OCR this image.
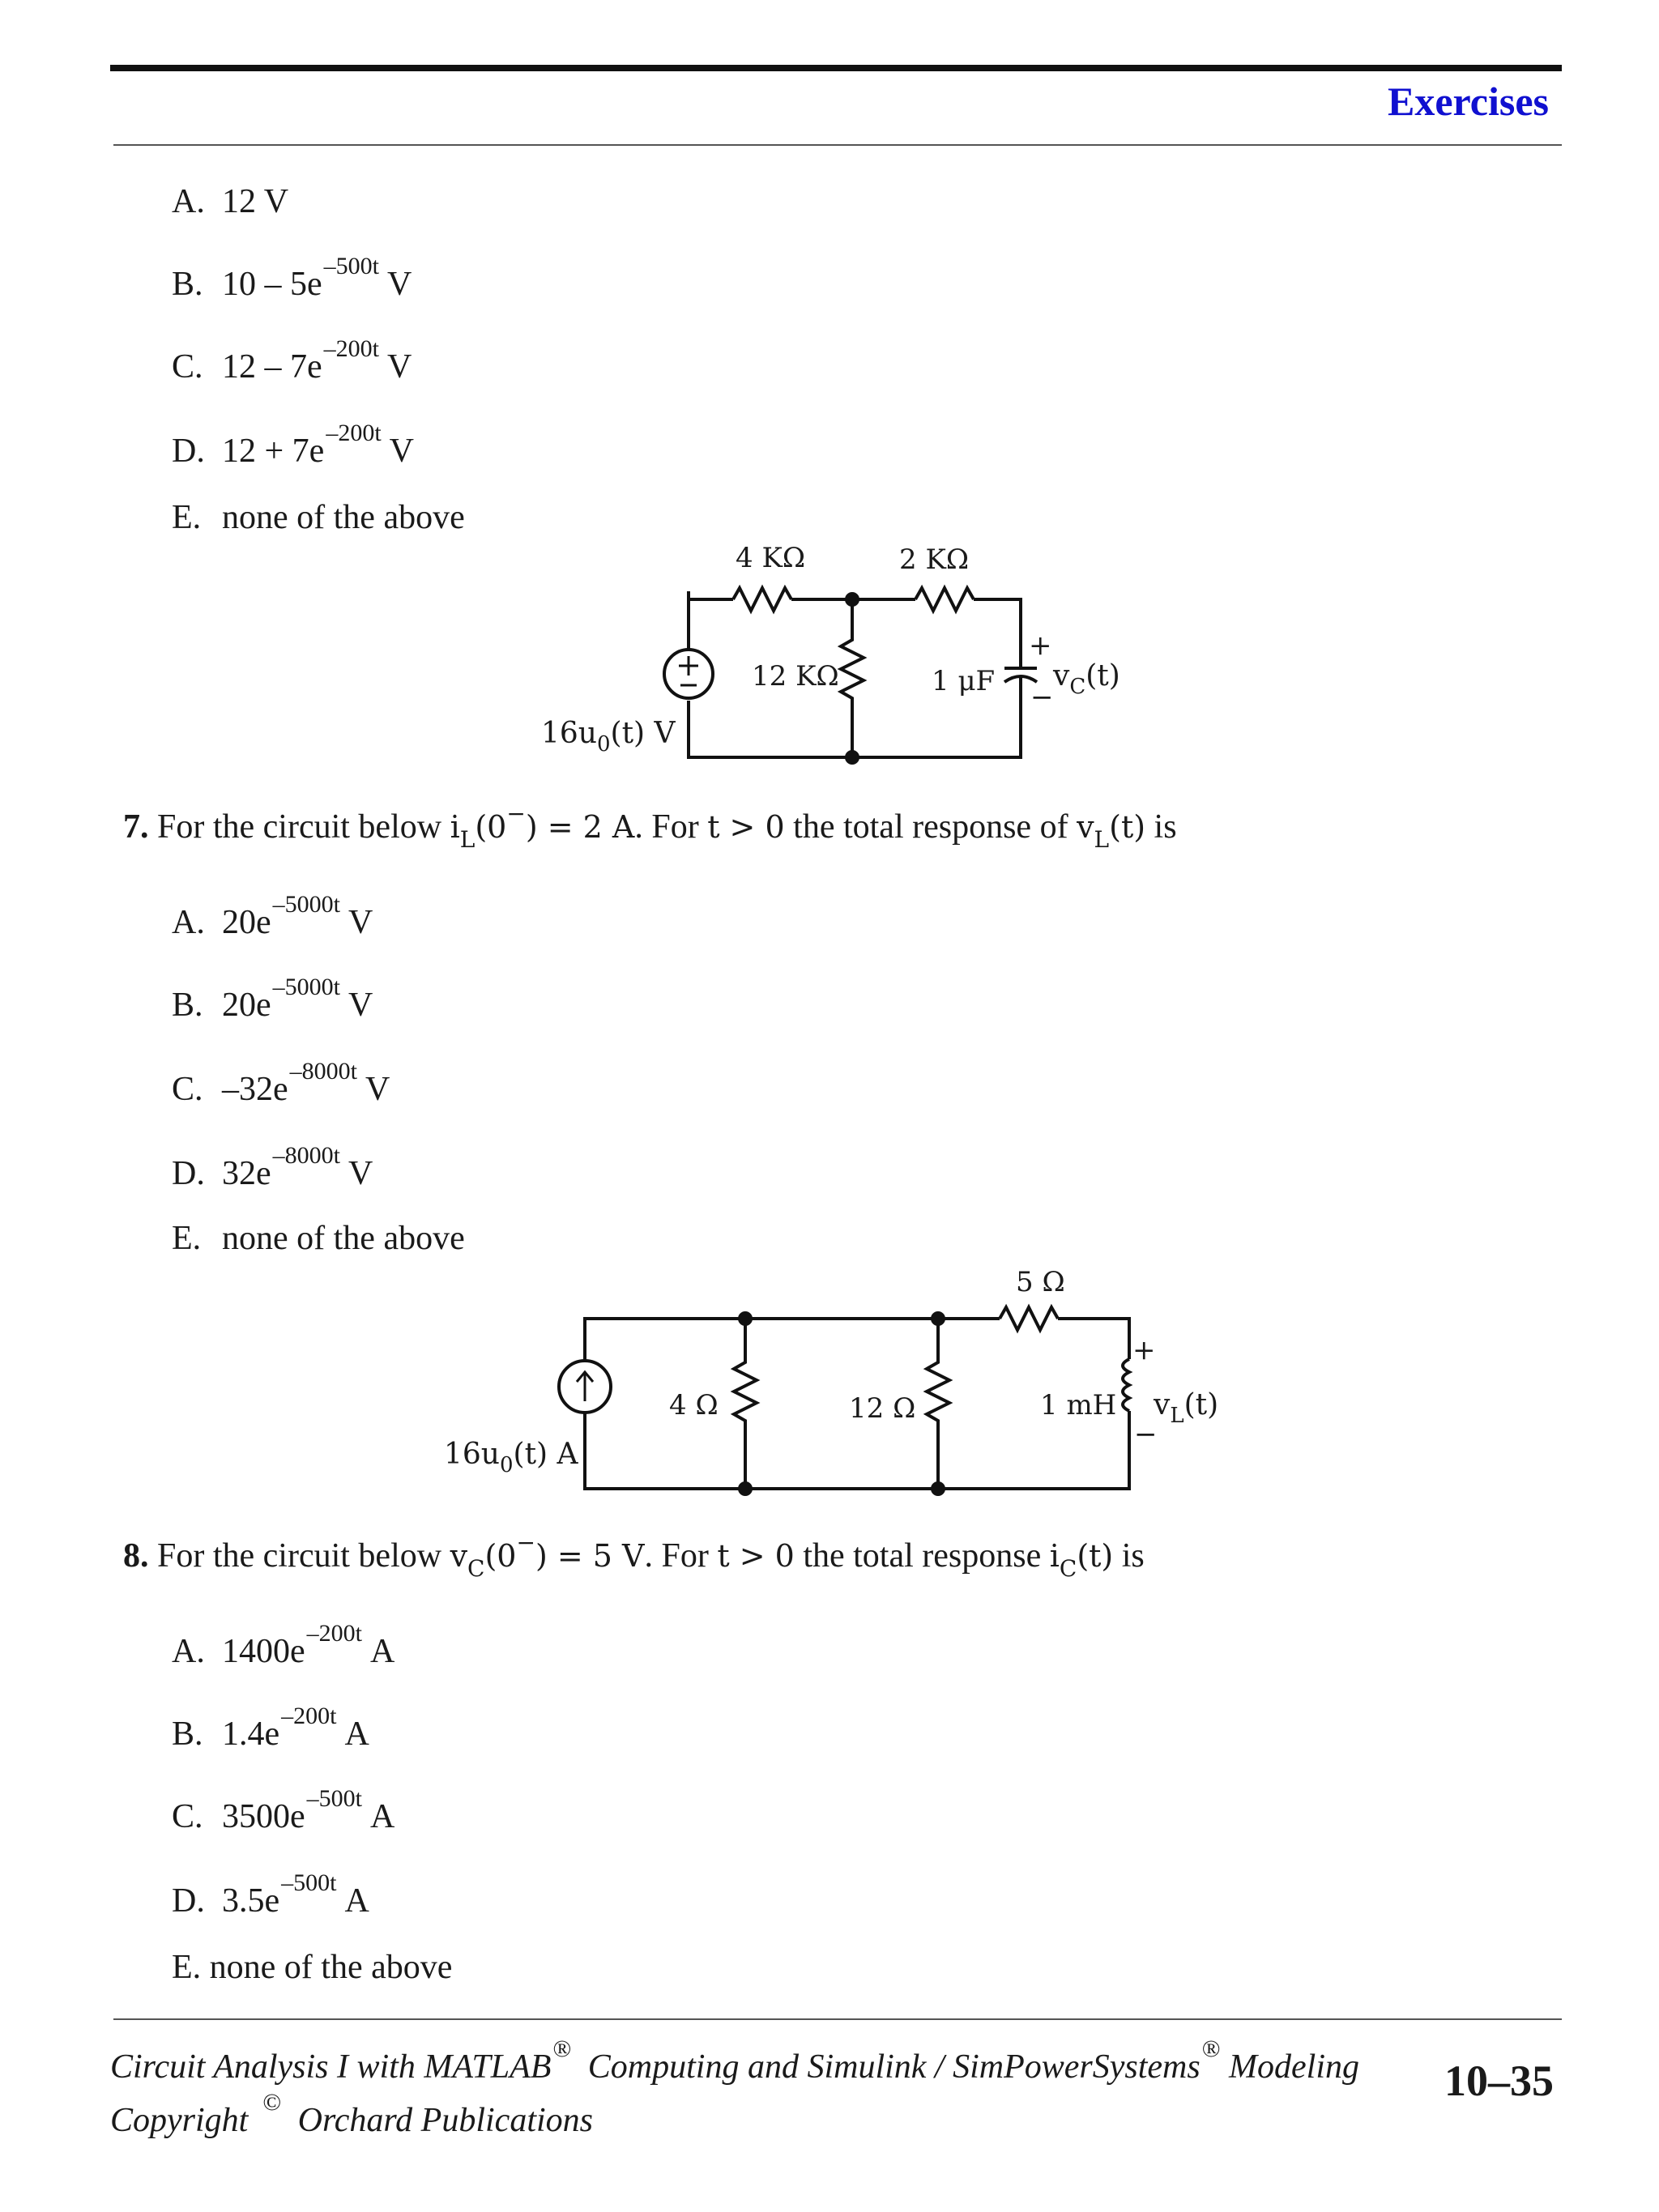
Exercises
A. 12 V
B. $10 - 5e^{-500t}$ V
C. $12 - 7e^{-200t}$ V
D. $12 + 7e^{-200t}$ V
E. none of the above
4 KΩ	2 KΩ
12 KΩ	1 μF
+
−
$v_C(t)$
$16u_0(t)$ V
4 Ω	12 Ω
5 Ω
1 mH
+
−
$v_L(t)$
$16u_0(t)$ A
7. For the circuit below $i_L(0^-) = 2$ A. For t > 0 the total response of $v_L(t)$ is
A. $20e^{-5000t}$ V
B. $20e^{-5000t}$ V
C. $-32e^{-8000t}$ V
D. $32e^{-8000t}$ V
E. none of the above
8. For the circuit below $v_C(0^-) = 5$ V. For t > 0 the total response $i_C(t)$ is
A. $1400e^{-200t}$ A
B. $1.4e^{-200t}$ A
C. $3500e^{-500t}$ A
D. $3.5e^{-500t}$ A
E. none of the above
Circuit Analysis I with MATLAB® Computing and Simulink / SimPowerSystems® Modeling 10–35
Copyright © Orchard Publications
